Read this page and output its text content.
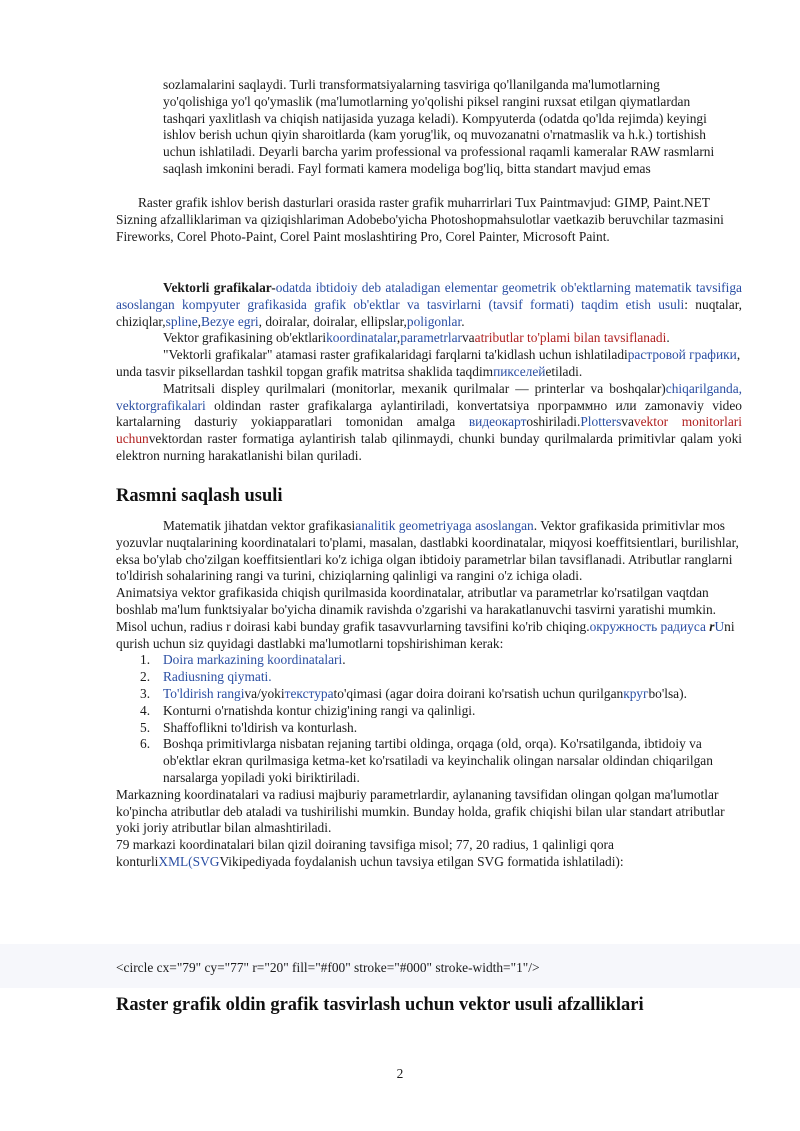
sozlamalarini saqlaydi. Turli transformatsiyalarning tasviriga qo'llanilganda ma'lumotlarning yo'qolishiga yo'l qo'ymaslik (ma'lumotlarning yo'qolishi piksel rangini ruxsat etilgan qiymatlardan tashqari yaxlitlash va chiqish natijasida yuzaga keladi). Kompyuterda (odatda qo'lda rejimda) keyingi ishlov berish uchun qiyin sharoitlarda (kam yorug'lik, oq muvozanatni o'rnatmaslik va h.k.) tortishish uchun ishlatiladi. Deyarli barcha yarim professional va professional raqamli kameralar RAW rasmlarni saqlash imkonini beradi. Fayl formati kamera modeliga bog'liq, bitta standart mavjud emas

Raster grafik ishlov berish dasturlari orasida raster grafik muharrirlari Tux Paintmavjud: GIMP, Paint.NET Sizning afzalliklariman va qiziqishlariman Adobebo'yicha Photoshopmahsulotlar vaetkazib beruvchilar tazmasini Fireworks, Corel Photo-Paint, Corel Paint moslashtiring Pro, Corel Painter, Microsoft Paint.

Vektorli grafikalar-odatda ibtidoiy deb ataladigan elementar geometrik ob'ektlarning matematik tavsifiga asoslangan kompyuter grafikasida grafik ob'ektlar va tasvirlarni (tavsif formati) taqdim etish usuli: nuqtalar, chiziqlar,spline,Bezye egri, doiralar, doiralar, ellipslar,poligonlar.

Vektor grafikasining ob'ektlarikoordinatalar,parametrlarvaatributlar to'plami bilan tavsiflanadi.

"Vektorli grafikalar" atamasi raster grafikalaridagi farqlarni ta'kidlash uchun ishlatiladiрастровой графики, unda tasvir piksellardan tashkil topgan grafik matritsa shaklida taqdimпикселейetiladi.

Matritsali displey qurilmalari (monitorlar, mexanik qurilmalar — printerlar va boshqalar)chiqarilganda, vektorgrafikalari oldindan raster grafikalarga aylantiriladi, konvertatsiya программно или zamonaviy video kartalarning dasturiy yokiapparatlari tomonidan amalga видеокартoshiriladi.Plottersvavektor monitorlari uchunvektordan raster formatiga aylantirish talab qilinmaydi, chunki bunday qurilmalarda primitivlar qalam yoki elektron nurning harakatlanishi bilan quriladi.

Rasmni saqlash usuli

Matematik jihatdan vektor grafikasianalitik geometriyaga asoslangan. Vektor grafikasida primitivlar mos yozuvlar nuqtalarining koordinatalari to'plami, masalan, dastlabki koordinatalar, miqyosi koeffitsientlari, burilishlar, eksa bo'ylab cho'zilgan koeffitsientlari ko'z ichiga olgan ibtidoiy parametrlar bilan tavsiflanadi. Atributlar ranglarni to'ldirish sohalarining rangi va turini, chiziqlarning qalinligi va rangini o'z ichiga oladi.

Animatsiya vektor grafikasida chiqish qurilmasida koordinatalar, atributlar va parametrlar ko'rsatilgan vaqtdan boshlab ma'lum funktsiyalar bo'yicha dinamik ravishda o'zgarishi va harakatlanuvchi tasvirni yaratishi mumkin.

Misol uchun, radius r doirasi kabi bunday grafik tasavvurlarning tavsifini ko'rib chiqing.окружность радиуса rUni qurish uchun siz quyidagi dastlabki ma'lumotlarni topshirishiman kerak:

1. Doira markazining koordinatalari.
2. Radiusning qiymati.
3. To'ldirish rangiva/yokiтекстураto'qimasi (agar doira doirani ko'rsatish uchun qurilganкругbo'lsa).
4. Konturni o'rnatishda kontur chizig'ining rangi va qalinligi.
5. Shaffoflikni to'ldirish va konturlash.
6. Boshqa primitivlarga nisbatan rejaning tartibi oldinga, orqaga (old, orqa). Ko'rsatilganda, ibtidoiy va ob'ektlar ekran qurilmasiga ketma-ket ko'rsatiladi va keyinchalik olingan narsalar oldindan chiqarilgan narsalarga yopiladi yoki biriktiriladi.

Markazning koordinatalari va radiusi majburiy parametrlardir, aylananing tavsifidan olingan qolgan ma'lumotlar ko'pincha atributlar deb ataladi va tushirilishi mumkin. Bunday holda, grafik chiqishi bilan ular standart atributlar yoki joriy atributlar bilan almashtiriladi.

79 markazi koordinatalari bilan qizil doiraning tavsifiga misol; 77, 20 radius, 1 qalinligi qora konturliXML(SVGVikipediyada foydalanish uchun tavsiya etilgan SVG formatida ishlatiladi):

<circle cx="79" cy="77" r="20" fill="#f00" stroke="#000" stroke-width="1"/>
Raster grafik oldin grafik tasvirlash uchun vektor usuli afzalliklari
2
